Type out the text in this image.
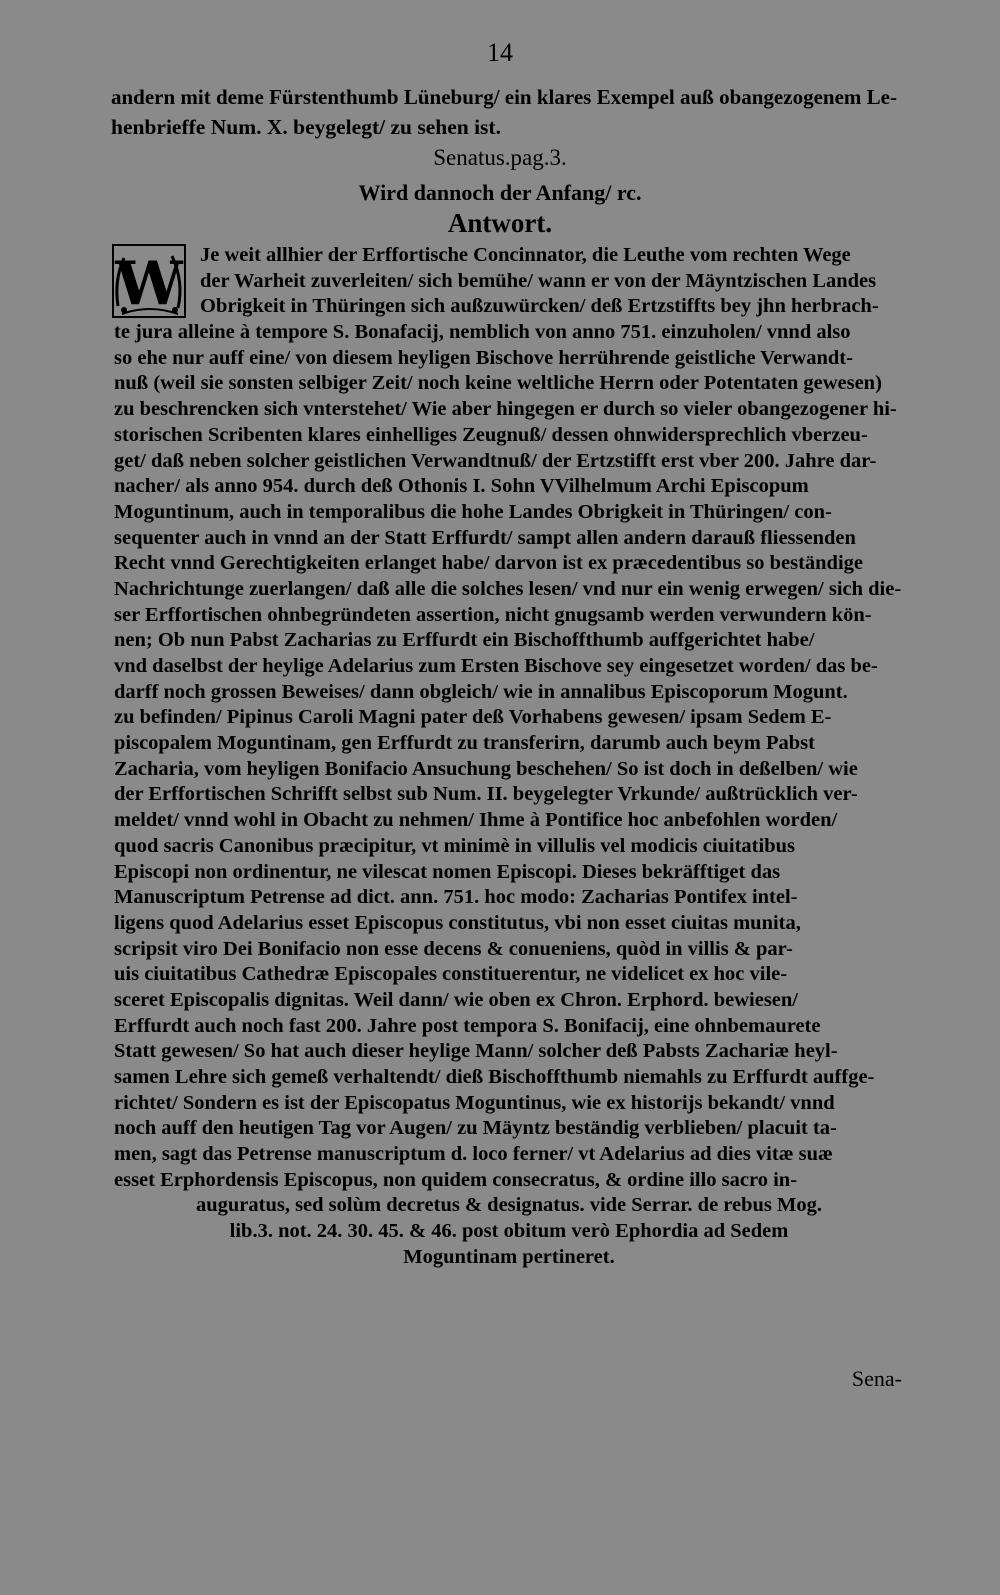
14
andern mit deme Fürstenthumb Lüneburg/ ein klares Exempel auß obangezogenem Le-
henbrieffe Num. X. beygelegt/ zu sehen ist.
Senatus.pag.3.
Wird dannoch der Anfang/ rc.
Antwort.
W Je weit allhier der Erffortische Concinnator, die Leuthe vom rechten Wege
der Warheit zuverleiten/ sich bemühe/ wann er von der Mäyntzischen Landes
Obrigkeit in Thüringen sich außzuwürcken/ deß Ertzstiffts bey jhn herbrach-
te jura alleine à tempore S. Bonafacij, nemblich von anno 751. einzuholen/ vnnd also
so ehe nur auff eine/ von diesem heyligen Bischove herrührende geistliche Verwandt-
nuß (weil sie sonsten selbiger Zeit/ noch keine weltliche Herrn oder Potentaten gewesen)
zu beschrencken sich vnterstehet/ Wie aber hingegen er durch so vieler obangezogener hi-
storischen Scribenten klares einhelliges Zeugnuß/ dessen ohnwidersprechlich vberzeu-
get/ daß neben solcher geistlichen Verwandtnuß/ der Ertzstifft erst vber 200. Jahre dar-
nacher/ als anno 954. durch deß Othonis I. Sohn VVilhelmum Archi Episcopum
Moguntinum, auch in temporalibus die hohe Landes Obrigkeit in Thüringen/ con-
sequenter auch in vnnd an der Statt Erffurdt/ sampt allen andern darauß fliessenden
Recht vnnd Gerechtigkeiten erlanget habe/ darvon ist ex præcedentibus so beständige
Nachrichtunge zuerlangen/ daß alle die solches lesen/ vnd nur ein wenig erwegen/ sich die-
ser Erffortischen ohnbegründeten assertion, nicht gnugsamb werden verwundern kön-
nen; Ob nun Pabst Zacharias zu Erffurdt ein Bischoffthumb auffgerichtet habe/
vnd daselbst der heylige Adelarius zum Ersten Bischove sey eingesetzet worden/ das be-
darff noch grossen Beweises/ dann obgleich/ wie in annalibus Episcoporum Mogunt.
zu befinden/ Pipinus Caroli Magni pater deß Vorhabens gewesen/ ipsam Sedem E-
piscopalem Moguntinam, gen Erffurdt zu transferirn, darumb auch beym Pabst
Zacharia, vom heyligen Bonifacio Ansuchung beschehen/ So ist doch in deßelben/ wie
der Erffortischen Schrifft selbst sub Num. II. beygelegter Vrkunde/ außtrücklich ver-
meldet/ vnnd wohl in Obacht zu nehmen/ Ihme à Pontifice hoc anbefohlen worden/
quod sacris Canonibus præcipitur, vt minimè in villulis vel modicis ciuitatibus
Episcopi non ordinentur, ne vilescat nomen Episcopi. Dieses bekräfftiget das
Manuscriptum Petrense ad dict. ann. 751. hoc modo: Zacharias Pontifex intel-
ligens quod Adelarius esset Episcopus constitutus, vbi non esset ciuitas munita,
scripsit viro Dei Bonifacio non esse decens & conueniens, quòd in villis & par-
uis ciuitatibus Cathedræ Episcopales constituerentur, ne videlicet ex hoc vile-
sceret Episcopalis dignitas. Weil dann/ wie oben ex Chron. Erphord. bewiesen/
Erffurdt auch noch fast 200. Jahre post tempora S. Bonifacij, eine ohnbemaurete
Statt gewesen/ So hat auch dieser heylige Mann/ solcher deß Pabsts Zachariæ heyl-
samen Lehre sich gemeß verhaltendt/ dieß Bischoffthumb niemahls zu Erffurdt auffge-
richtet/ Sondern es ist der Episcopatus Moguntinus, wie ex historijs bekandt/ vnnd
noch auff den heutigen Tag vor Augen/ zu Mäyntz beständig verblieben/ placuit ta-
men, sagt das Petrense manuscriptum d. loco ferner/ vt Adelarius ad dies vitæ suæ
esset Erphordensis Episcopus, non quidem consecratus, & ordine illo sacro in-
auguratus, sed solùm decretus & designatus. vide Serrar. de rebus Mog.
lib.3. not. 24. 30. 45. & 46. post obitum verò Ephordia ad Sedem
Moguntinam pertineret.
Sena-
